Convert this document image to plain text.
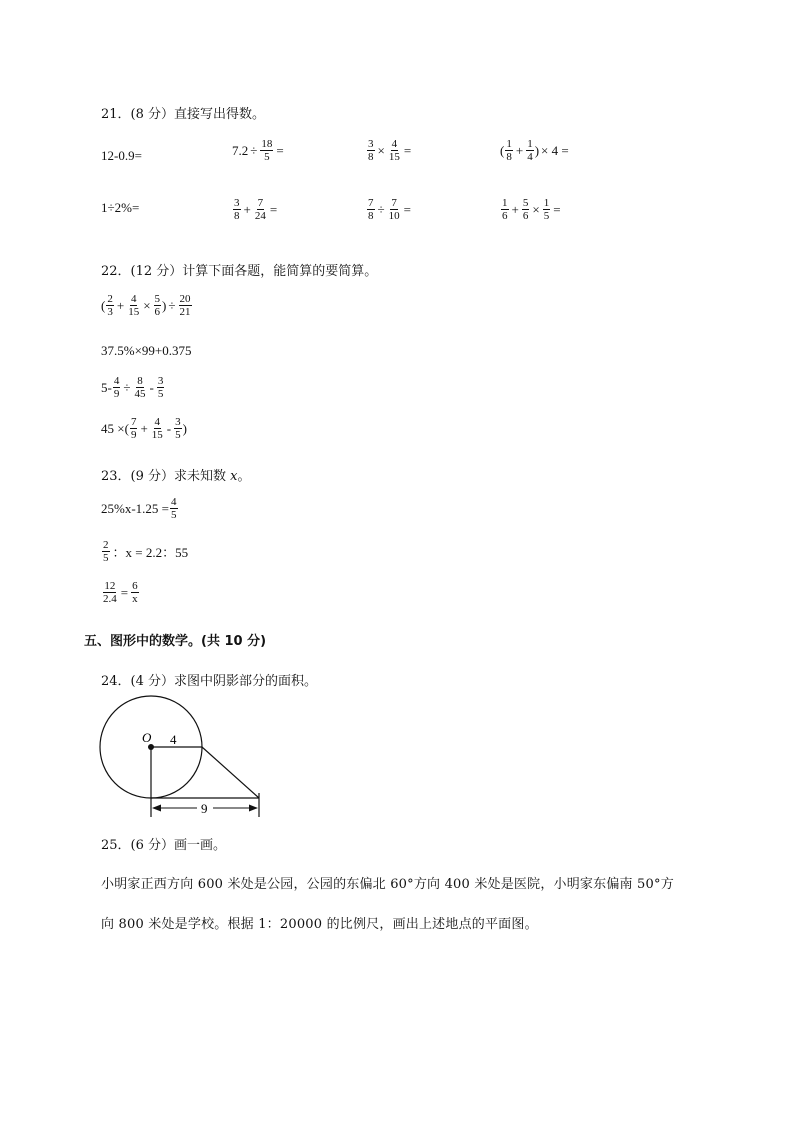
21．(8 分）直接写出得数。
12-0.9=	$7.2 \div \frac{18}{5}$ =	$\frac{3}{8} \times \frac{4}{15}$ =	( $\frac{1}{8} + \frac{1}{4}$ ) × 4 =
1÷2%=	$\frac{3}{8} + \frac{7}{24}$ =	$\frac{7}{8} \div \frac{7}{10}$ =	$\frac{1}{6} + \frac{5}{6} \times \frac{1}{5}$ =
22．(12 分）计算下面各题，能简算的要简算。
( $\frac{2}{3} + \frac{4}{15} \times \frac{5}{6}$ ) ÷ $\frac{20}{21}$
37.5%×99+0.375
$5- \frac{4}{9} \div \frac{8}{45} - \frac{3}{5}$
45 × ( $\frac{7}{9} + \frac{4}{15} - \frac{3}{5}$ )
23．(9 分）求未知数 x。
$25\%x-1.25 = \frac{4}{5}$
$\frac{2}{5}$ ：x = 2.2：55
$\frac{12}{2.4} = \frac{6}{x}$
五、图形中的数学。(共 10 分)
24．(4 分）求图中阴影部分的面积。
O 4
9
25．(6 分）画一画。
小明家正西方向 600 米处是公园，公园的东偏北 60°方向 400 米处是医院，小明家东偏南 50°方
向 800 米处是学校。根据 1：20000 的比例尺，画出上述地点的平面图。
